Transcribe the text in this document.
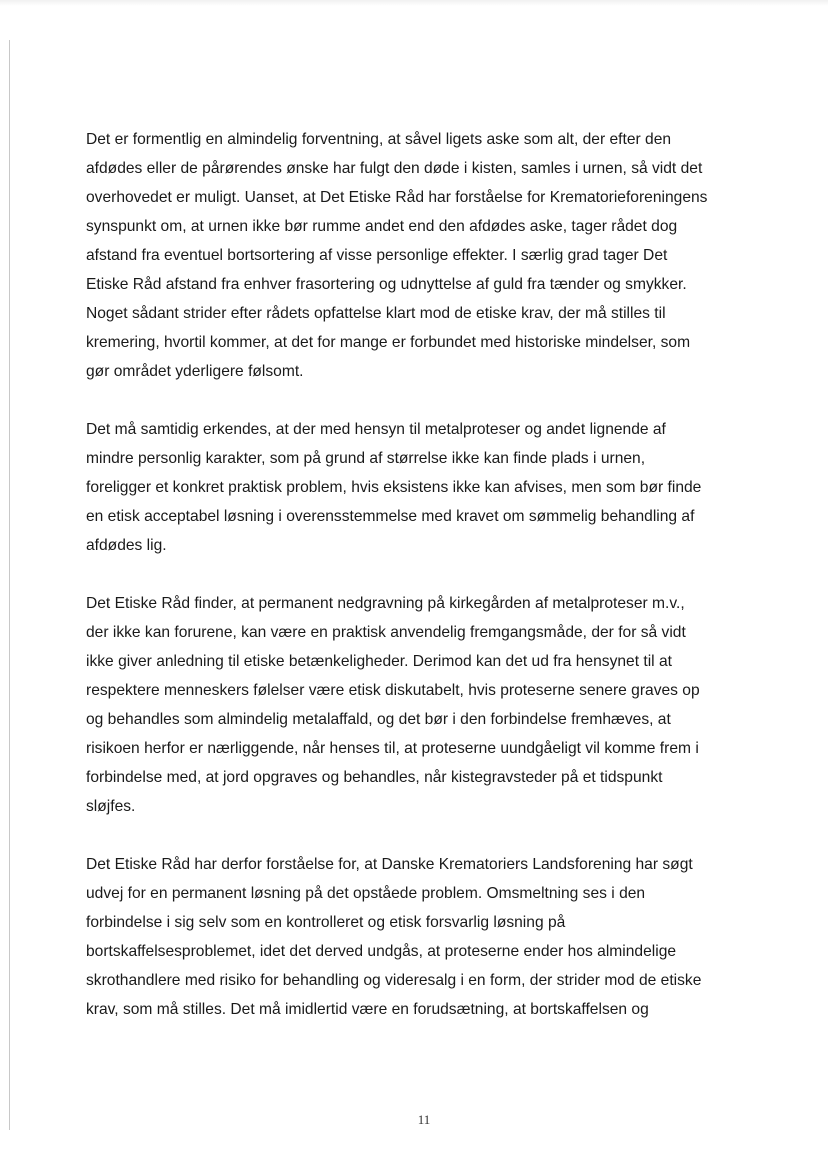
Det er formentlig en almindelig forventning, at såvel ligets aske som alt, der efter den
afdødes eller de pårørendes ønske har fulgt den døde i kisten, samles i urnen, så vidt det
overhovedet er muligt. Uanset, at Det Etiske Råd har forståelse for Krematorieforeningens
synspunkt om, at urnen ikke bør rumme andet end den afdødes aske, tager rådet dog
afstand fra eventuel bortsortering af visse personlige effekter. I særlig grad tager Det
Etiske Råd afstand fra enhver frasortering og udnyttelse af guld fra tænder og smykker.
Noget sådant strider efter rådets opfattelse klart mod de etiske krav, der må stilles til
kremering, hvortil kommer, at det for mange er forbundet med historiske mindelser, som
gør området yderligere følsomt.

Det må samtidig erkendes, at der med hensyn til metalproteser og andet lignende af
mindre personlig karakter, som på grund af størrelse ikke kan finde plads i urnen,
foreligger et konkret praktisk problem, hvis eksistens ikke kan afvises, men som bør finde
en etisk acceptabel løsning i overensstemmelse med kravet om sømmelig behandling af
afdødes lig.

Det Etiske Råd finder, at permanent nedgravning på kirkegården af metalproteser m.v.,
der ikke kan forurene, kan være en praktisk anvendelig fremgangsmåde, der for så vidt
ikke giver anledning til etiske betænkeligheder. Derimod kan det ud fra hensynet til at
respektere menneskers følelser være etisk diskutabelt, hvis proteserne senere graves op
og behandles som almindelig metalaffald, og det bør i den forbindelse fremhæves, at
risikoen herfor er nærliggende, når henses til, at proteserne uundgåeligt vil komme frem i
forbindelse med, at jord opgraves og behandles, når kistegravsteder på et tidspunkt
sløjfes.

Det Etiske Råd har derfor forståelse for, at Danske Krematoriers Landsforening har søgt
udvej for en permanent løsning på det opståede problem. Omsmeltning ses i den
forbindelse i sig selv som en kontrolleret og etisk forsvarlig løsning på
bortskaffelsesproblemet, idet det derved undgås, at proteserne ender hos almindelige
skrothandlere med risiko for behandling og videresalg i en form, der strider mod de etiske
krav, som må stilles. Det må imidlertid være en forudsætning, at bortskaffelsen og

11
